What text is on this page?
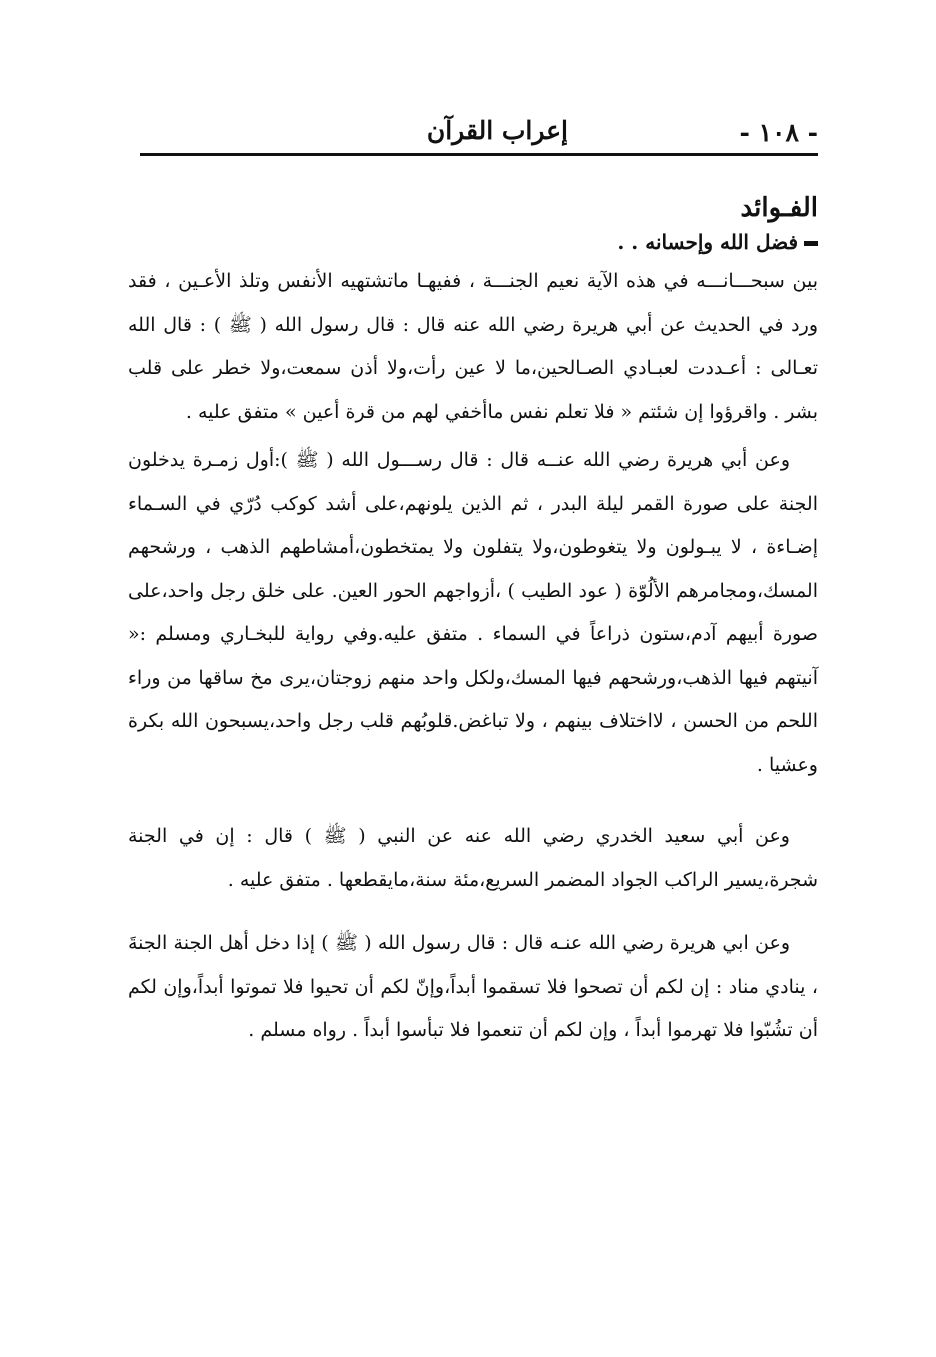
- ١٠٨ -
إعراب القرآن

الفـوائد

فضل الله وإحسانه . .

بين سبحـــانـــه في هذه الآية نعيم الجنـــة ، ففيهـا ماتشتهيه الأنفس وتلذ الأعـين ، فقد ورد في الحديث عن أبي هريرة رضي الله عنه قال : قال رسول الله ( ﷺ ) : قال الله تعـالى : أعـددت لعبـادي الصـالحين،ما لا عين رأت،ولا أذن سمعت،ولا خطر على قلب بشر . واقرؤوا إن شئتم « فلا تعلم نفس ماأخفي لهم من قرة أعين » متفق عليه .

وعن أبي هريرة رضي الله عنــه قال : قال رســـول الله ( ﷺ ):أول زمـرة يدخلون الجنة على صورة القمر ليلة البدر ، ثم الذين يلونهم،على أشد كوكب دُرّي في السـماء إضـاءة ، لا يبـولون ولا يتغوطون،ولا يتفلون ولا يمتخطون،أمشاطهم الذهب ، ورشحهم المسك،ومجامرهم الألُوّة ( عود الطيب ) ،أزواجهم الحور العين. على خلق رجل واحد،على صورة أبيهم آدم،ستون ذراعاً في السماء . متفق عليه.وفي رواية للبخـاري ومسلم :« آنيتهم فيها الذهب،ورشحهم فيها المسك،ولكل واحد منهم زوجتان،يرى مخ ساقها من وراء اللحم من الحسن ، لااختلاف بينهم ، ولا تباغض.قلوبُهم قلب رجل واحد،يسبحون الله بكرة وعشيا .

وعن أبي سعيد الخدري رضي الله عنه عن النبي ( ﷺ ) قال : إن في الجنة شجرة،يسير الراكب الجواد المضمر السريع،مئة سنة،مايقطعها . متفق عليه .

وعن ابي هريرة رضي الله عنـه قال : قال رسول الله ( ﷺ ) إذا دخل أهل الجنة الجنةَ ، ينادي مناد : إن لكم أن تصحوا فلا تسقموا أبداً،وإنّ لكم أن تحيوا فلا تموتوا أبداً،وإن لكم أن تشُبّوا فلا تهرموا أبداً ، وإن لكم أن تنعموا فلا تبأسوا أبداً . رواه مسلم .
